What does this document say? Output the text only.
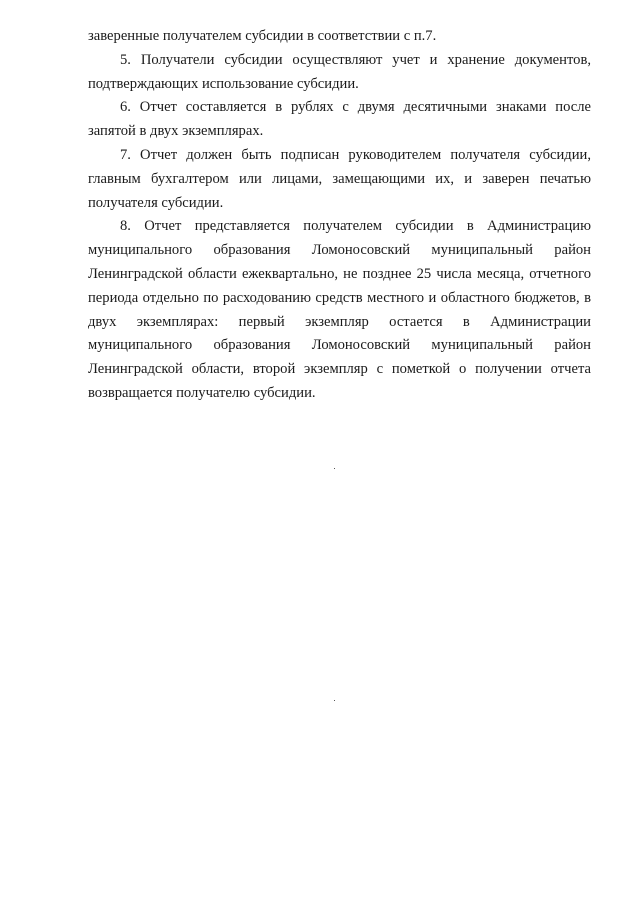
заверенные получателем субсидии в соответствии с п.7.

5. Получатели субсидии осуществляют учет и хранение документов, подтверждающих использование субсидии.

6. Отчет составляется в рублях с двумя десятичными знаками после запятой в двух экземплярах.

7. Отчет должен быть подписан руководителем получателя субсидии, главным бухгалтером или лицами, замещающими их, и заверен печатью получателя субсидии.

8. Отчет представляется получателем субсидии в Администрацию муниципального образования Ломоносовский муниципальный район Ленинградской области ежеквартально, не позднее 25 числа месяца, отчетного периода отдельно по расходованию средств местного и областного бюджетов, в двух экземплярах: первый экземпляр остается в Администрации муниципального образования Ломоносовский муниципальный район Ленинградской области, второй экземпляр с пометкой о получении отчета возвращается получателю субсидии.
